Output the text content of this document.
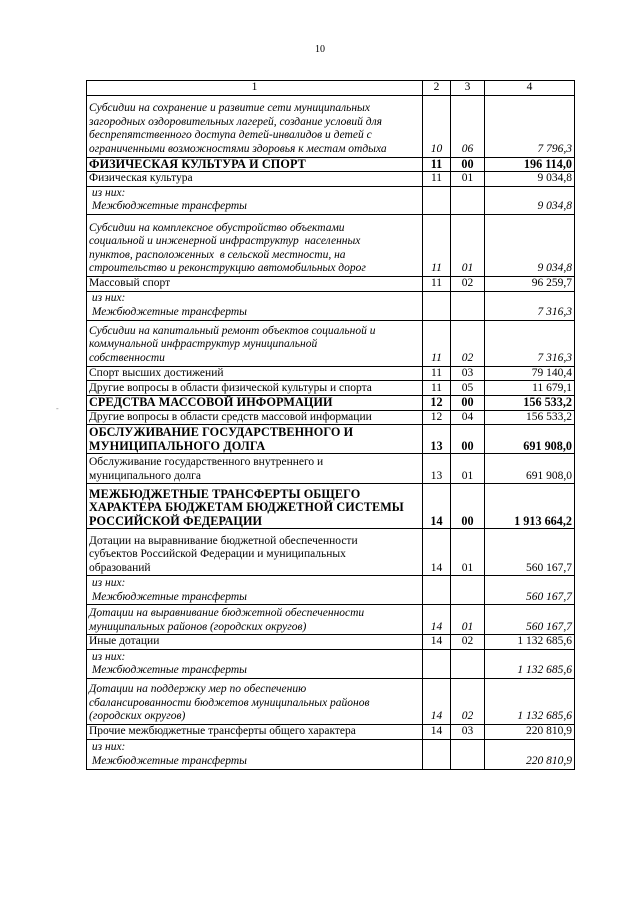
10
-
1	2	3	4

Субсидии на сохранение и развитие сети муниципальных
загородных оздоровительных лагерей, создание условий для
беспрепятственного доступа детей-инвалидов и детей с
ограниченными возможностями здоровья к местам отдыха	10	06	7 796,3

ФИЗИЧЕСКАЯ КУЛЬТУРА И СПОРТ	11	00	196 114,0

Физическая культура	11	01	9 034,8

из них:
Межбюджетные трансферты			9 034,8

Субсидии на комплексное обустройство объектами
социальной и инженерной инфраструктур  населенных
пунктов, расположенных  в сельской местности, на
строительство и реконструкцию автомобильных дорог	11	01	9 034,8

Массовый спорт	11	02	96 259,7

из них:
Межбюджетные трансферты			7 316,3

Субсидии на капитальный ремонт объектов социальной и
коммунальной инфраструктур муниципальной
собственности	11	02	7 316,3

Спорт высших достижений	11	03	79 140,4

Другие вопросы в области физической культуры и спорта	11	05	11 679,1

СРЕДСТВА МАССОВОЙ ИНФОРМАЦИИ	12	00	156 533,2

Другие вопросы в области средств массовой информации	12	04	156 533,2

ОБСЛУЖИВАНИЕ ГОСУДАРСТВЕННОГО И
МУНИЦИПАЛЬНОГО ДОЛГА	13	00	691 908,0

Обслуживание государственного внутреннего и
муниципального долга	13	01	691 908,0

МЕЖБЮДЖЕТНЫЕ ТРАНСФЕРТЫ ОБЩЕГО
ХАРАКТЕРА БЮДЖЕТАМ БЮДЖЕТНОЙ СИСТЕМЫ
РОССИЙСКОЙ ФЕДЕРАЦИИ	14	00	1 913 664,2

Дотации на выравнивание бюджетной обеспеченности
субъектов Российской Федерации и муниципальных
образований	14	01	560 167,7

из них:
Межбюджетные трансферты			560 167,7

Дотации на выравнивание бюджетной обеспеченности
муниципальных районов (городских округов)	14	01	560 167,7

Иные дотации	14	02	1 132 685,6

из них:
Межбюджетные трансферты			1 132 685,6

Дотации на поддержку мер по обеспечению
сбалансированности бюджетов муниципальных районов
(городских округов)	14	02	1 132 685,6

Прочие межбюджетные трансферты общего характера	14	03	220 810,9

из них:
Межбюджетные трансферты			220 810,9
